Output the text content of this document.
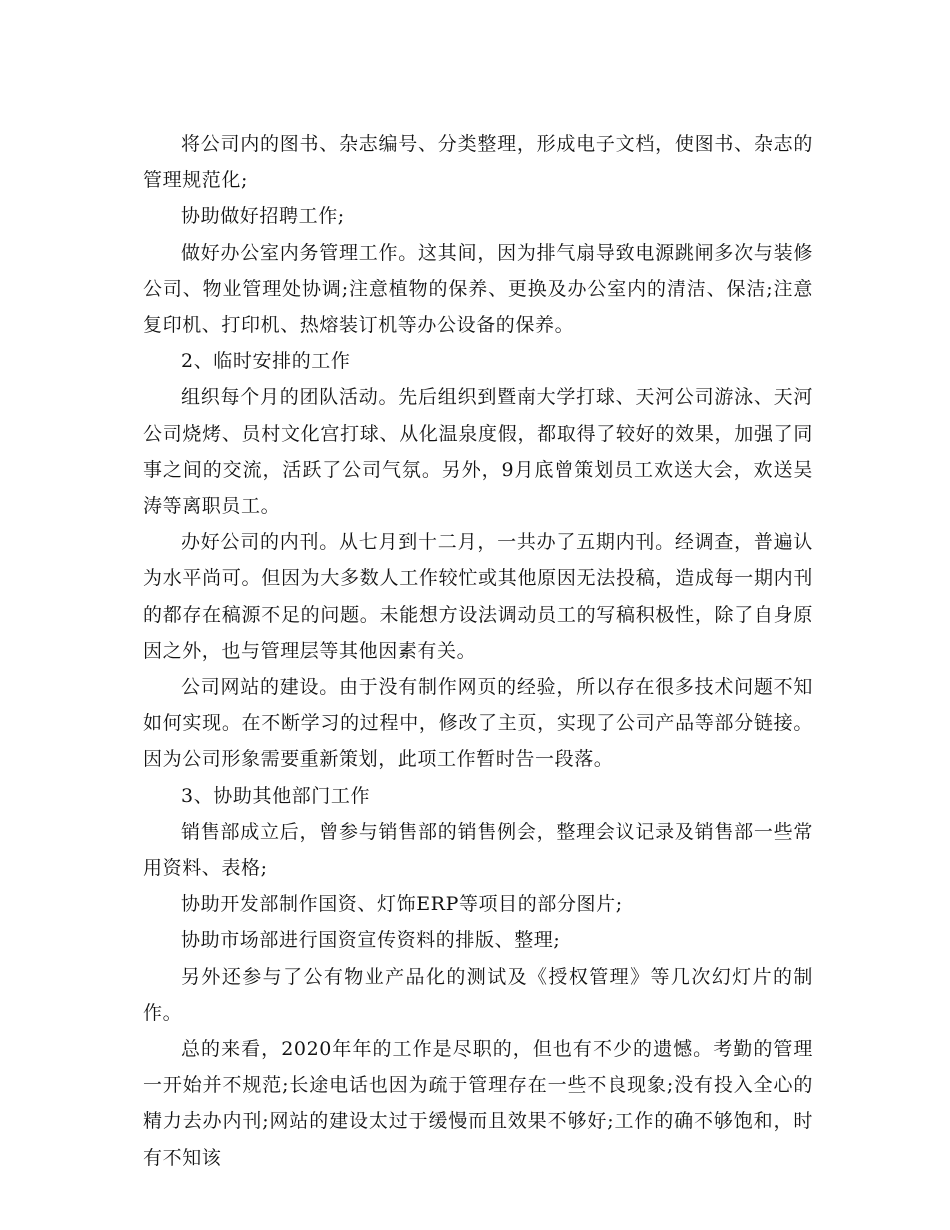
将公司内的图书、杂志编号、分类整理，形成电子文档，使图书、杂志的管理规范化;

协助做好招聘工作;

做好办公室内务管理工作。这其间，因为排气扇导致电源跳闸多次与装修公司、物业管理处协调;注意植物的保养、更换及办公室内的清洁、保洁;注意复印机、打印机、热熔装订机等办公设备的保养。

2、临时安排的工作

组织每个月的团队活动。先后组织到暨南大学打球、天河公司游泳、天河公司烧烤、员村文化宫打球、从化温泉度假，都取得了较好的效果，加强了同事之间的交流，活跃了公司气氛。另外，9月底曾策划员工欢送大会，欢送吴涛等离职员工。

办好公司的内刊。从七月到十二月，一共办了五期内刊。经调查，普遍认为水平尚可。但因为大多数人工作较忙或其他原因无法投稿，造成每一期内刊的都存在稿源不足的问题。未能想方设法调动员工的写稿积极性，除了自身原因之外，也与管理层等其他因素有关。

公司网站的建设。由于没有制作网页的经验，所以存在很多技术问题不知如何实现。在不断学习的过程中，修改了主页，实现了公司产品等部分链接。因为公司形象需要重新策划，此项工作暂时告一段落。

3、协助其他部门工作

销售部成立后，曾参与销售部的销售例会，整理会议记录及销售部一些常用资料、表格;

协助开发部制作国资、灯饰ERP等项目的部分图片;

协助市场部进行国资宣传资料的排版、整理;

另外还参与了公有物业产品化的测试及《授权管理》等几次幻灯片的制作。

总的来看，2020年年的工作是尽职的，但也有不少的遗憾。考勤的管理一开始并不规范;长途电话也因为疏于管理存在一些不良现象;没有投入全心的精力去办内刊;网站的建设太过于缓慢而且效果不够好;工作的确不够饱和，时有不知该
